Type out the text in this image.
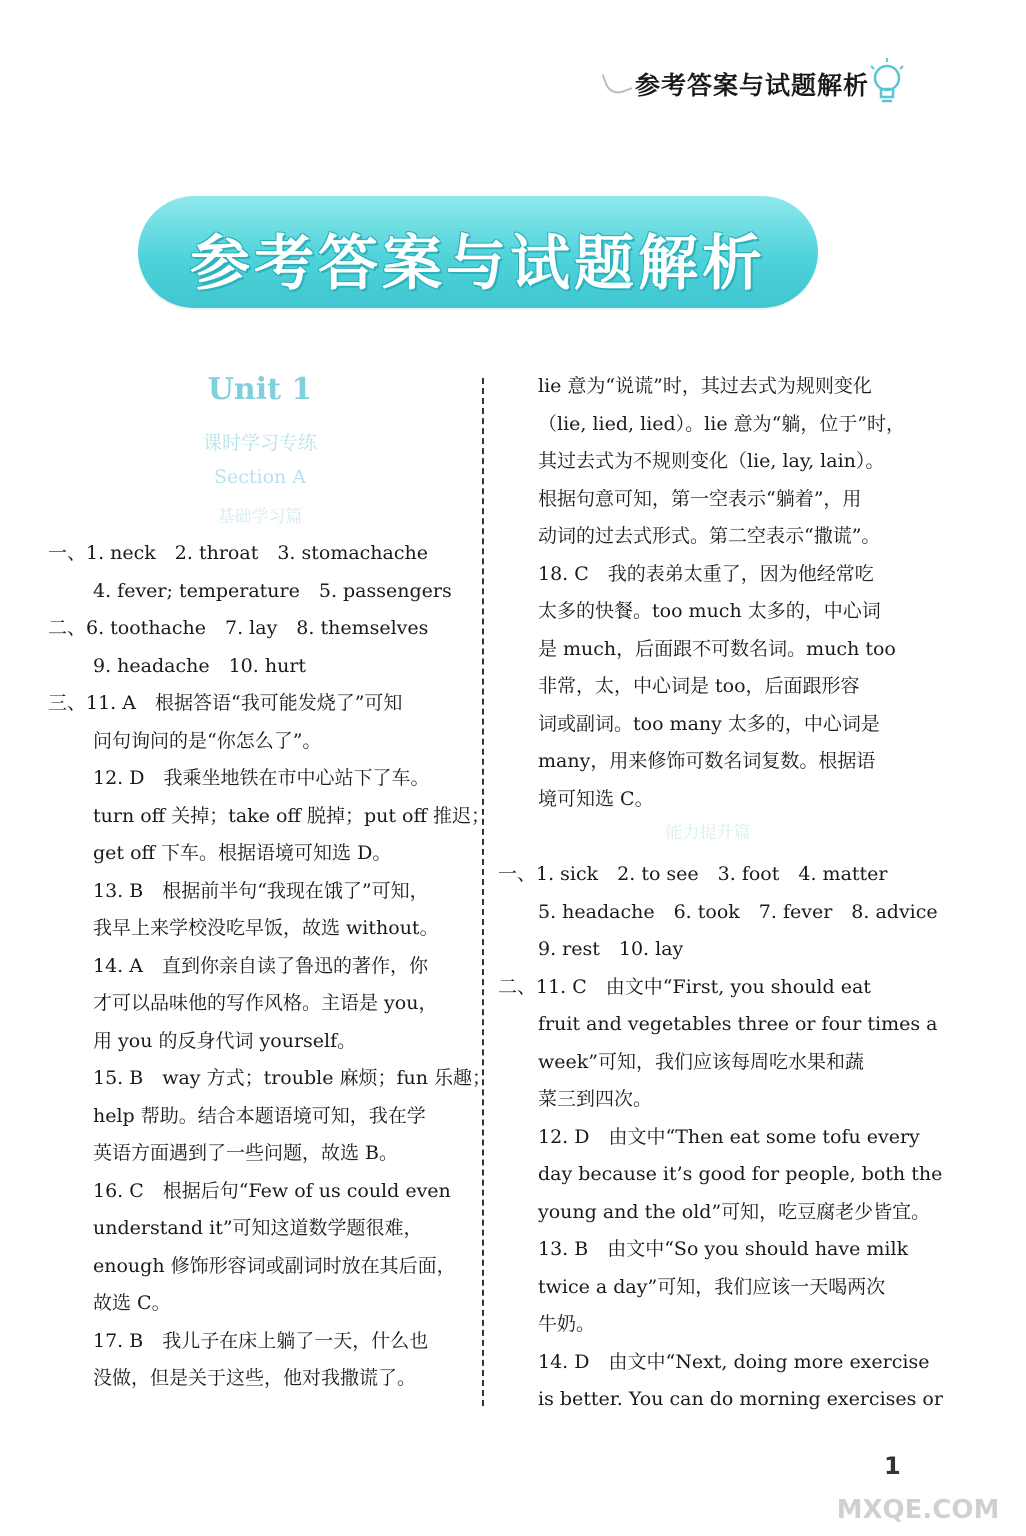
参考答案与试题解析
参考答案与试题解析
Unit 1
课时学习专练
Section A
基础学习篇
一、1. neck　2. throat　3. stomachache
4. fever; temperature　5. passengers
二、6. toothache　7. lay　8. themselves
9. headache　10. hurt
三、11. A　根据答语“我可能发烧了”可知
问句询问的是“你怎么了”。
12. D　我乘坐地铁在市中心站下了车。
turn off 关掉；take off 脱掉；put off 推迟；
get off 下车。根据语境可知选 D。
13. B　根据前半句“我现在饿了”可知，
我早上来学校没吃早饭，故选 without。
14. A　直到你亲自读了鲁迅的著作，你
才可以品味他的写作风格。主语是 you，
用 you 的反身代词 yourself。
15. B　way 方式；trouble 麻烦；fun 乐趣；
help 帮助。结合本题语境可知，我在学
英语方面遇到了一些问题，故选 B。
16. C　根据后句“Few of us could even
understand it”可知这道数学题很难，
enough 修饰形容词或副词时放在其后面，
故选 C。
17. B　我儿子在床上躺了一天，什么也
没做，但是关于这些，他对我撒谎了。
lie 意为“说谎”时，其过去式为规则变化
（lie, lied, lied）。lie 意为“躺，位于”时，
其过去式为不规则变化（lie, lay, lain）。
根据句意可知，第一空表示“躺着”，用
动词的过去式形式。第二空表示“撒谎”。
18. C　我的表弟太重了，因为他经常吃
太多的快餐。too much 太多的，中心词
是 much，后面跟不可数名词。much too
非常，太，中心词是 too，后面跟形容
词或副词。too many 太多的，中心词是
many，用来修饰可数名词复数。根据语
境可知选 C。
能力提升篇
一、1. sick　2. to see　3. foot　4. matter
5. headache　6. took　7. fever　8. advice
9. rest　10. lay
二、11. C　由文中“First, you should eat
fruit and vegetables three or four times a
week”可知，我们应该每周吃水果和蔬
菜三到四次。
12. D　由文中“Then eat some tofu every
day because it’s good for people, both the
young and the old”可知，吃豆腐老少皆宜。
13. B　由文中“So you should have milk
twice a day”可知，我们应该一天喝两次
牛奶。
14. D　由文中“Next, doing more exercise
is better. You can do morning exercises or
1
MXQE.COM
